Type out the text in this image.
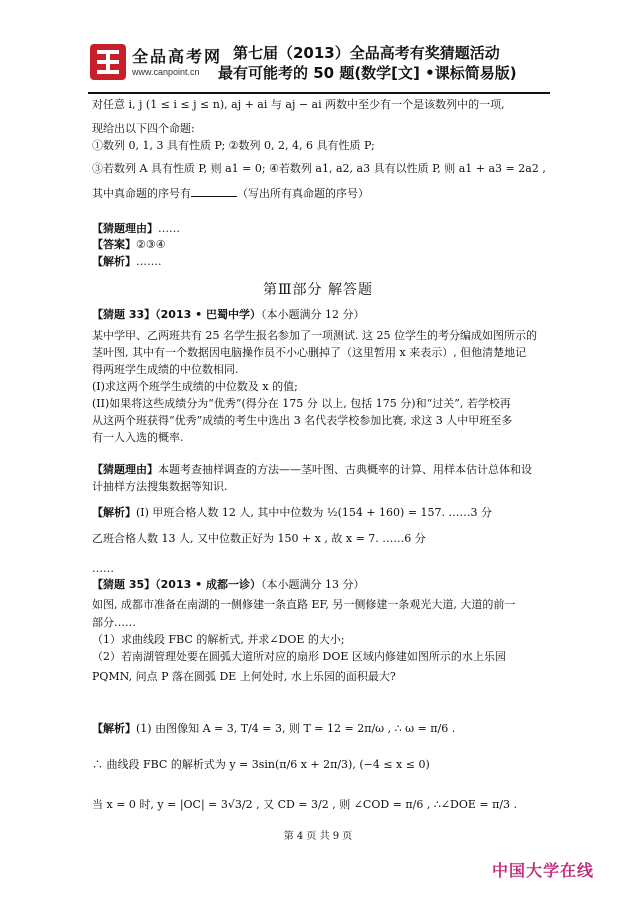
全品高考网
www.canpoint.cn
第七届（2013）全品高考有奖猜题活动
最有可能考的 50 题(数学[文] •课标简易版)
对任意 i, j (1 ≤ i ≤ j ≤ n), aj + ai 与 aj − ai 两数中至少有一个是该数列中的一项,
现给出以下四个命题:
①数列 0, 1, 3 具有性质 P; ②数列 0, 2, 4, 6 具有性质 P;
③若数列 A 具有性质 P, 则 a1 = 0; ④若数列 a1, a2, a3 具有以性质 P, 则 a1 + a3 = 2a2 ,
其中真命题的序号有	（写出所有真命题的序号）
【猜题理由】……
【答案】②③④
【解析】…….
第Ⅲ部分 解答题
【猜题 33】（2013 • 巴蜀中学）（本小题满分 12 分）
某中学甲、乙两班共有 25 名学生报名参加了一项测试. 这 25 位学生的考分编成如图所示的
茎叶图, 其中有一个数据因电脑操作员不小心删掉了（这里暂用 x 来表示）, 但他清楚地记
得两班学生成绩的中位数相同.
(I)求这两个班学生成绩的中位数及 x 的值;
(II)如果将这些成绩分为“优秀”(得分在 175 分 以上, 包括 175 分)和“过关”, 若学校再
从这两个班获得“优秀”成绩的考生中选出 3 名代表学校参加比赛, 求这 3 人中甲班至多
有一人入选的概率.
【猜题理由】本题考查抽样调查的方法——茎叶图、古典概率的计算、用样本估计总体和设
计抽样方法搜集数据等知识.
【解析】(I) 甲班合格人数 12 人, 其中中位数为 ½(154 + 160) = 157. ……3 分
乙班合格人数 13 人, 又中位数正好为 150 + x , 故 x = 7. ……6 分
……
【猜题 35】（2013 • 成都一诊）（本小题满分 13 分）
如图, 成都市准备在南湖的一侧修建一条直路 EF, 另一侧修建一条观光大道, 大道的前一
部分……
（1）求曲线段 FBC 的解析式, 并求∠DOE 的大小;
（2）若南湖管理处要在圆弧大道所对应的扇形 DOE 区域内修建如图所示的水上乐园
PQMN, 问点 P 落在圆弧 DE 上何处时, 水上乐园的面积最大?
【解析】(1) 由图像知 A = 3, T/4 = 3, 则 T = 12 = 2π/ω , ∴ ω = π/6 .
∴ 曲线段 FBC 的解析式为 y = 3sin(π/6 x + 2π/3), (−4 ≤ x ≤ 0)
当 x = 0 时, y = |OC| = 3√3/2 , 又 CD = 3/2 , 则 ∠COD = π/6 , ∴∠DOE = π/3 .
第 4 页 共 9 页
中国大学在线
